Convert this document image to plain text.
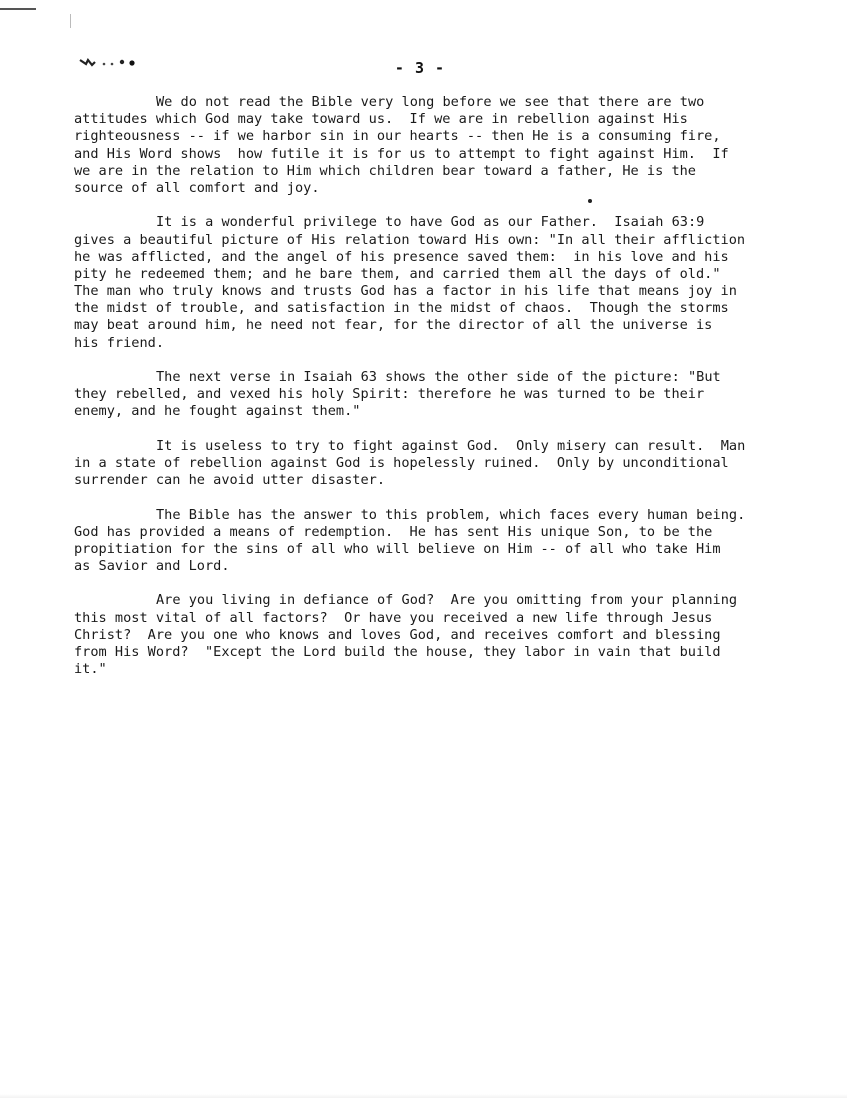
- 3 -
We do not read the Bible very long before we see that there are two
attitudes which God may take toward us.  If we are in rebellion against His
righteousness -- if we harbor sin in our hearts -- then He is a consuming fire,
and His Word shows  how futile it is for us to attempt to fight against Him.  If
we are in the relation to Him which children bear toward a father, He is the
source of all comfort and joy.
It is a wonderful privilege to have God as our Father.  Isaiah 63:9
gives a beautiful picture of His relation toward His own: "In all their affliction
he was afflicted, and the angel of his presence saved them:  in his love and his
pity he redeemed them; and he bare them, and carried them all the days of old."
The man who truly knows and trusts God has a factor in his life that means joy in
the midst of trouble, and satisfaction in the midst of chaos.  Though the storms
may beat around him, he need not fear, for the director of all the universe is
his friend.
The next verse in Isaiah 63 shows the other side of the picture: "But
they rebelled, and vexed his holy Spirit: therefore he was turned to be their
enemy, and he fought against them."
It is useless to try to fight against God.  Only misery can result.  Man
in a state of rebellion against God is hopelessly ruined.  Only by unconditional
surrender can he avoid utter disaster.
The Bible has the answer to this problem, which faces every human being.
God has provided a means of redemption.  He has sent His unique Son, to be the
propitiation for the sins of all who will believe on Him -- of all who take Him
as Savior and Lord.
Are you living in defiance of God?  Are you omitting from your planning
this most vital of all factors?  Or have you received a new life through Jesus
Christ?  Are you one who knows and loves God, and receives comfort and blessing
from His Word?  "Except the Lord build the house, they labor in vain that build
it."
